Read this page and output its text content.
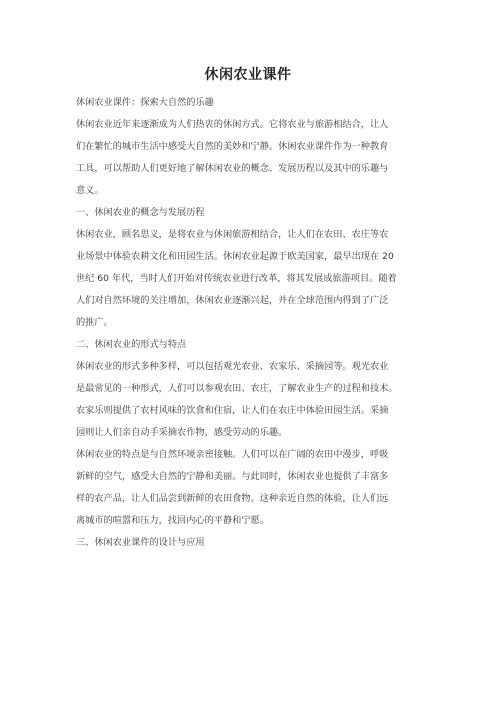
休闲农业课件
休闲农业课件：探索大自然的乐趣
休闲农业近年来逐渐成为人们热衷的休闲方式。它将农业与旅游相结合，让人
们在繁忙的城市生活中感受大自然的美妙和宁静。休闲农业课件作为一种教育
工具，可以帮助人们更好地了解休闲农业的概念、发展历程以及其中的乐趣与
意义。
一、休闲农业的概念与发展历程
休闲农业，顾名思义，是将农业与休闲旅游相结合，让人们在农田、农庄等农
业场景中体验农耕文化和田园生活。休闲农业起源于欧美国家，最早出现在 20
世纪 60 年代，当时人们开始对传统农业进行改革，将其发展成旅游项目。随着
人们对自然环境的关注增加，休闲农业逐渐兴起，并在全球范围内得到了广泛
的推广。
二、休闲农业的形式与特点
休闲农业的形式多种多样，可以包括观光农业、农家乐、采摘园等。观光农业
是最常见的一种形式，人们可以参观农田、农庄，了解农业生产的过程和技术。
农家乐则提供了农村风味的饮食和住宿，让人们在农庄中体验田园生活。采摘
园则让人们亲自动手采摘农作物，感受劳动的乐趣。
休闲农业的特点是与自然环境亲密接触。人们可以在广阔的农田中漫步，呼吸
新鲜的空气，感受大自然的宁静和美丽。与此同时，休闲农业也提供了丰富多
样的农产品，让人们品尝到新鲜的农田食物。这种亲近自然的体验，让人们远
离城市的喧嚣和压力，找回内心的平静和宁愿。
三、休闲农业课件的设计与应用
